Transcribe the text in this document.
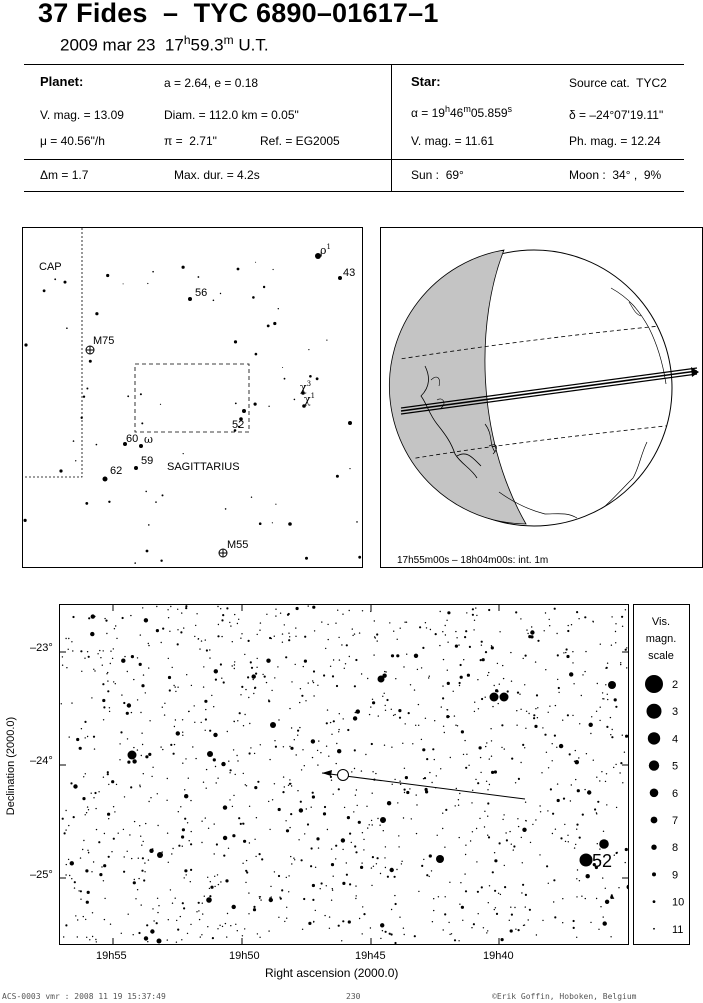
37 Fides  –  TYC 6890–01617–1
2009 mar 23  17$^h$59.3$^m$ U.T.
Planet:	a = 2.64, e = 0.18
V. mag. = 13.09	Diam. = 112.0 km = 0.05"
μ = 40.56"/h	π =  2.71"	Ref. = EG2005
Δm = 1.7	Max. dur. = 4.2s
Star:	Source cat.  TYC2
$\alpha = 19^h46^m05.859^s$	δ = –24°07'19.11"
V. mag. = 11.61	Ph. mag. = 12.24
Sun :  69°	Moon :  34° ,  9%
CAP
SAGITTARIUS
M75
M55
56
43
52
60 ω
59
62
$\rho^1$
$\chi^3$
$\chi^1$
17h55m00s – 18h04m00s: int. 1m
Declination (2000.0)
–23°
–24°
–25°
52
19h55	19h50	19h45	19h40
Right ascension (2000.0)
Vis.
magn.
scale
2
3
4
5
6
7
8
9
10
11
ACS-0003 vmr : 2008 11 19 15:37:49	230	©Erik Goffin, Hoboken, Belgium
